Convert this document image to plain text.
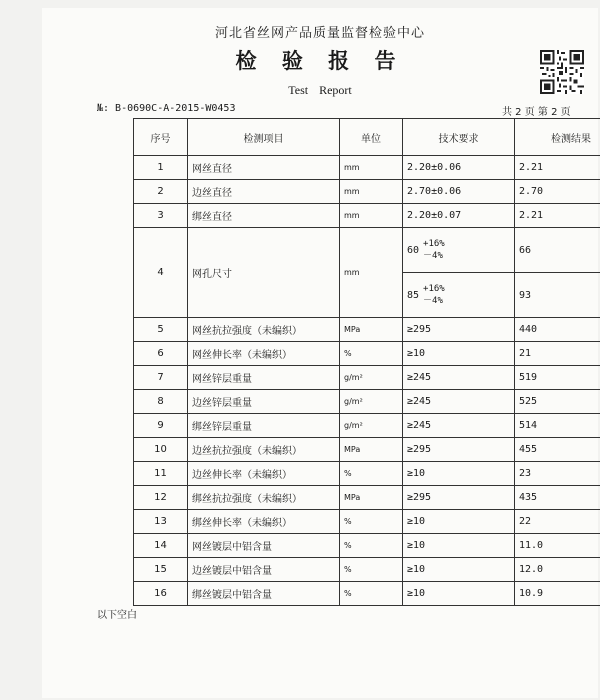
河北省丝网产品质量监督检验中心
检 验 报 告
Test Report
№: B-0690C-A-2015-W0453	共 2 页 第 2 页
序号	检测项目	单位	技术要求	检测结果
1	网丝直径	mm	2.20±0.06	2.21
2	边丝直径	mm	2.70±0.06	2.70
3	绑丝直径	mm	2.20±0.07	2.21
4	网孔尺寸	mm	60+16%
－4%	66
			85+16%
－4%	93
5	网丝抗拉强度（未编织）	MPa	≥295	440
6	网丝伸长率（未编织）	%	≥10	21
7	网丝锌层重量	g/m²	≥245	519
8	边丝锌层重量	g/m²	≥245	525
9	绑丝锌层重量	g/m²	≥245	514
10	边丝抗拉强度（未编织）	MPa	≥295	455
11	边丝伸长率（未编织）	%	≥10	23
12	绑丝抗拉强度（未编织）	MPa	≥295	435
13	绑丝伸长率（未编织）	%	≥10	22
14	网丝镀层中铝含量	%	≥10	11.0
15	边丝镀层中铝含量	%	≥10	12.0
16	绑丝镀层中铝含量	%	≥10	10.9
以下空白
